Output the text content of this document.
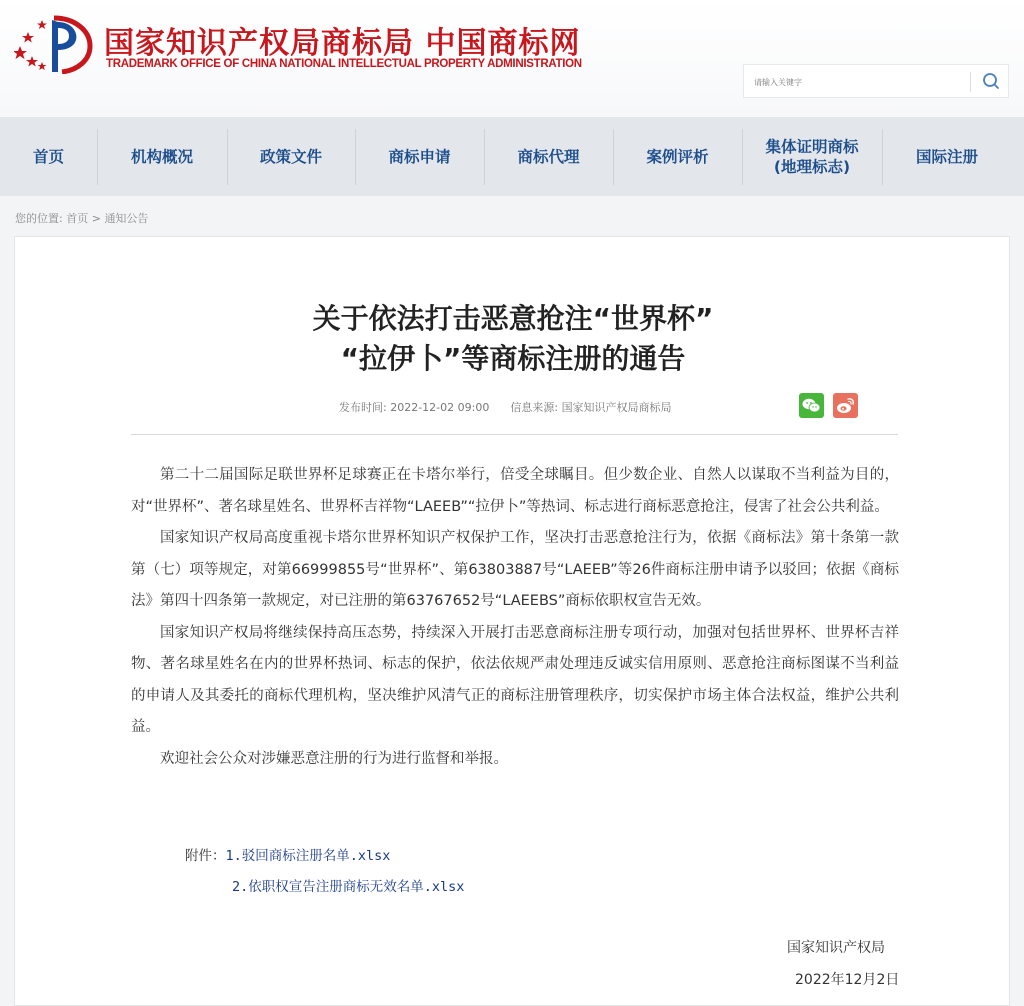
国家知识产权局商标局 中国商标网
TRADEMARK OFFICE OF CHINA NATIONAL INTELLECTUAL PROPERTY ADMINISTRATION
请输入关键字
首页	机构概况	政策文件	商标申请	商标代理	案例评析
集体证明商标
(地理标志)
国际注册
您的位置: 首页 > 通知公告
关于依法打击恶意抢注“世界杯”
“拉伊卜”等商标注册的通告
发布时间: 2022-12-02 09:00 信息来源: 国家知识产权局商标局

第二十二届国际足联世界杯足球赛正在卡塔尔举行，倍受全球瞩目。但少数企业、自然人以谋取不当利益为目的，对“世界杯”、著名球星姓名、世界杯吉祥物“LAEEB”“拉伊卜”等热词、标志进行商标恶意抢注，侵害了社会公共利益。

国家知识产权局高度重视卡塔尔世界杯知识产权保护工作，坚决打击恶意抢注行为，依据《商标法》第十条第一款第（七）项等规定，对第66999855号“世界杯”、第63803887号“LAEEB”等26件商标注册申请予以驳回；依据《商标法》第四十四条第一款规定，对已注册的第63767652号“LAEEBS”商标依职权宣告无效。

国家知识产权局将继续保持高压态势，持续深入开展打击恶意商标注册专项行动，加强对包括世界杯、世界杯吉祥物、著名球星姓名在内的世界杯热词、标志的保护，依法依规严肃处理违反诚实信用原则、恶意抢注商标图谋不当利益的申请人及其委托的商标代理机构，坚决维护风清气正的商标注册管理秩序，切实保护市场主体合法权益，维护公共利益。

欢迎社会公众对涉嫌恶意注册的行为进行监督和举报。

附件：1.驳回商标注册名单.xlsx
2.依职权宣告注册商标无效名单.xlsx
国家知识产权局
2022年12月2日
